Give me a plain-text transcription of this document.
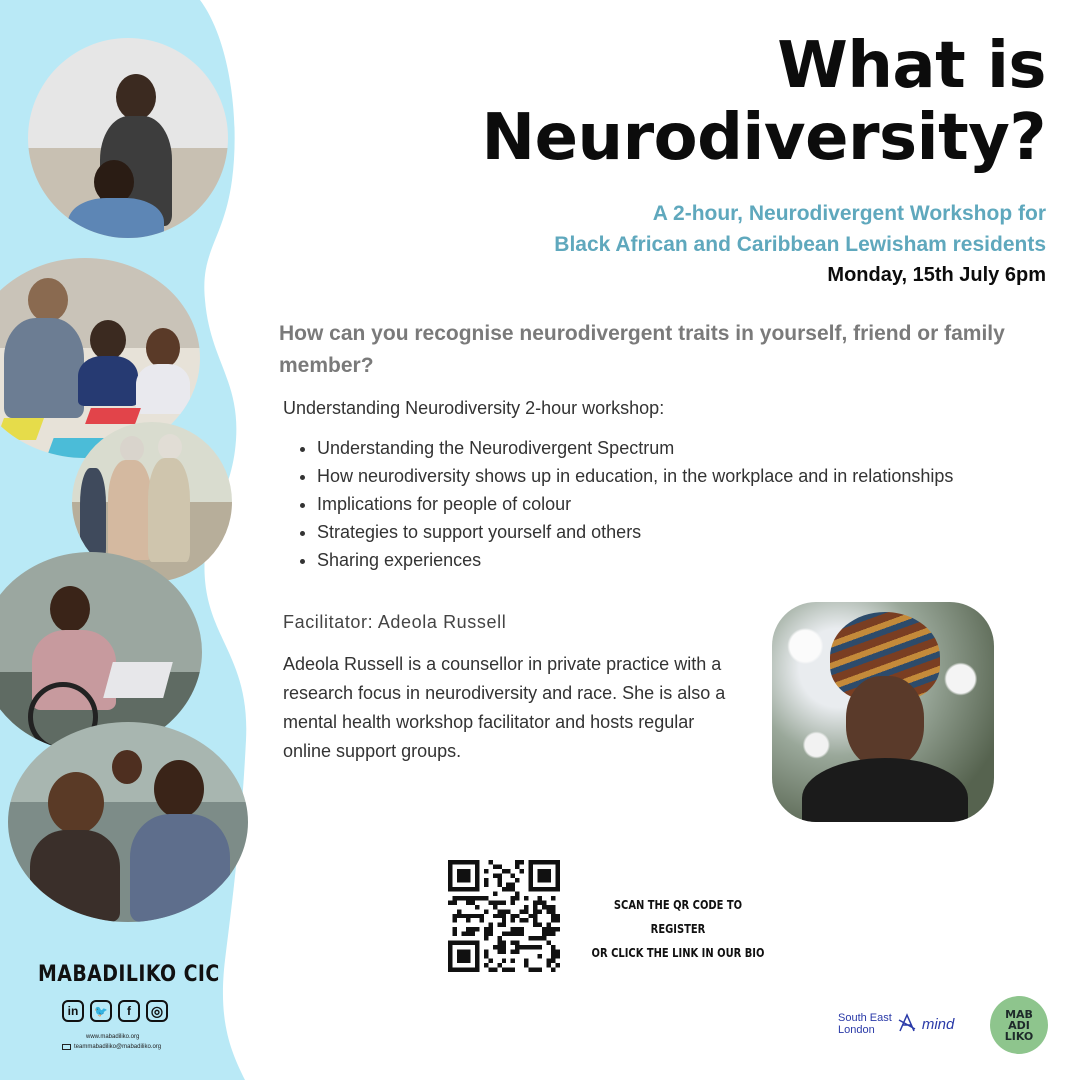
What is
Neurodiversity?
A 2-hour, Neurodivergent Workshop for
Black African and Caribbean Lewisham residents
Monday, 15th July 6pm
How can you recognise neurodivergent traits in yourself, friend or family member?
Understanding Neurodiversity 2-hour workshop:
• Understanding the Neurodivergent Spectrum
• How neurodiversity shows up in education, in the workplace and in relationships
• Implications for people of colour
• Strategies to support yourself and others
• Sharing experiences
Facilitator: Adeola Russell
Adeola Russell is a counsellor in private practice with a research focus in neurodiversity and race. She is also a mental health workshop facilitator and hosts regular online support groups.
SCAN THE QR CODE TO REGISTER
OR CLICK THE LINK IN OUR BIO
MABADILIKO CIC
in	🐦	f	◎
www.mabadiliko.org
teammabadiliko@mabadiliko.org
South East
London	mind
MAB
ADI
LIKO
